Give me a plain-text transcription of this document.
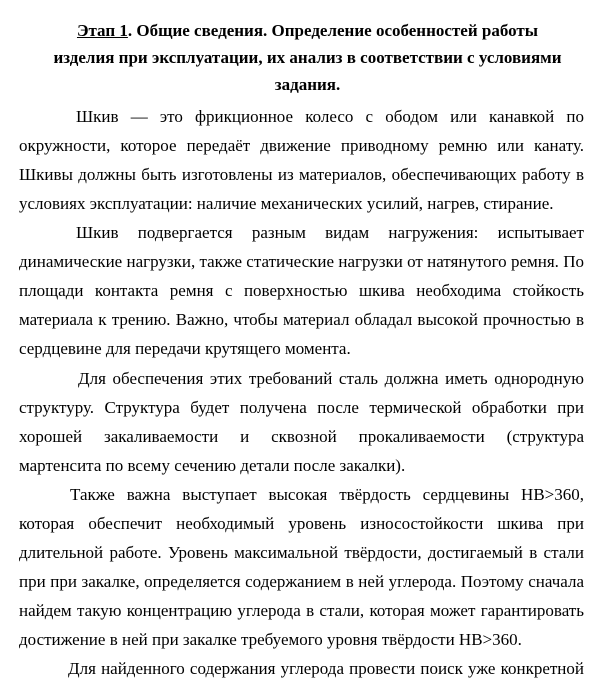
Этап 1. Общие сведения. Определение особенностей работы
изделия при эксплуатации, их анализ в соответствии с условиями
задания.
Шкив — это фрикционное колесо с ободом или канавкой по
окружности, которое передаёт движение приводному ремню или канату.
Шкивы должны быть изготовлены из материалов, обеспечивающих работу в
условиях эксплуатации: наличие механических усилий, нагрев, стирание.
Шкив подвергается разным видам нагружения: испытывает
динамические нагрузки, также статические нагрузки от натянутого ремня. По
площади контакта ремня с поверхностью шкива необходима стойкость
материала к трению. Важно, чтобы материал обладал высокой прочностью в
сердцевине для передачи крутящего момента.
Для обеспечения этих требований сталь должна иметь однородную
структуру. Структура будет получена после термической обработки при
хорошей закаливаемости и сквозной прокаливаемости (структура
мартенсита по всему сечению детали после закалки).
Также важна выступает высокая твёрдость сердцевины НВ>360,
которая обеспечит необходимый уровень износостойкости шкива при
длительной работе. Уровень максимальной твёрдости, достигаемый в стали
при при закалке, определяется содержанием в ней углерода. Поэтому сначала
найдем такую концентрацию углерода в стали, которая может гарантировать
достижение в ней при закалке требуемого уровня твёрдости НВ>360.
Для найденного содержания углерода провести поиск уже конкретной
